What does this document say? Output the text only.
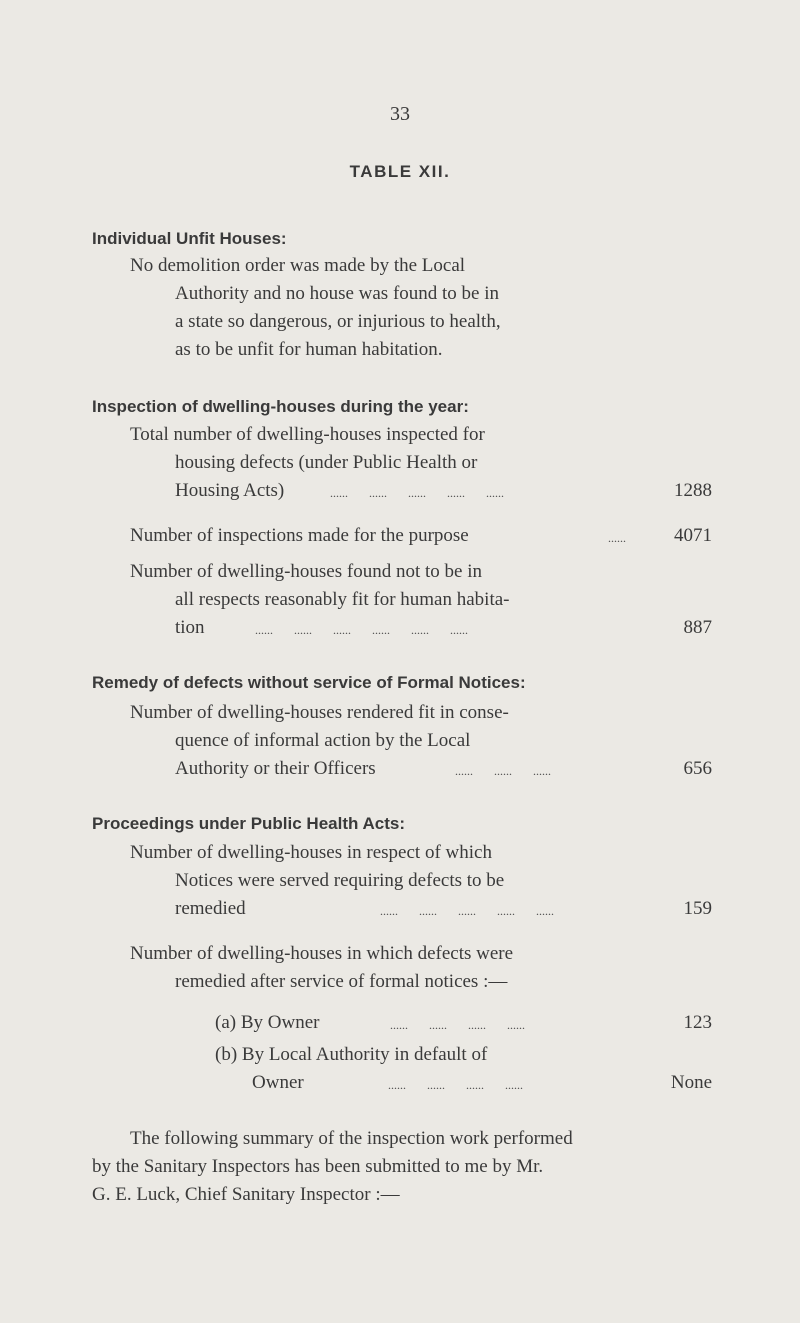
33
TABLE XII.
Individual Unfit Houses:
No demolition order was made by the Local
Authority and no house was found to be in
a state so dangerous, or injurious to health,
as to be unfit for human habitation.
Inspection of dwelling-houses during the year:
Total number of dwelling-houses inspected for
housing defects (under Public Health or
Housing Acts)	......       ......       ......       ......       ......	1288
Number of inspections made for the purpose	......	4071
Number of dwelling-houses found not to be in
all respects reasonably fit for human habita-
tion	......       ......       ......       ......       ......       ......	887
Remedy of defects without service of Formal Notices:
Number of dwelling-houses rendered fit in conse-
quence of informal action by the Local
Authority or their Officers	......       ......       ......	656
Proceedings under Public Health Acts:
Number of dwelling-houses in respect of which
Notices were served requiring defects to be
remedied	......       ......       ......       ......       ......	159
Number of dwelling-houses in which defects were
remedied after service of formal notices :—
(a) By Owner	......       ......       ......       ......	123
(b) By Local Authority in default of
Owner	......       ......       ......       ......	None
The following summary of the inspection work performed
by the Sanitary Inspectors has been submitted to me by Mr.
G. E. Luck, Chief Sanitary Inspector :—
